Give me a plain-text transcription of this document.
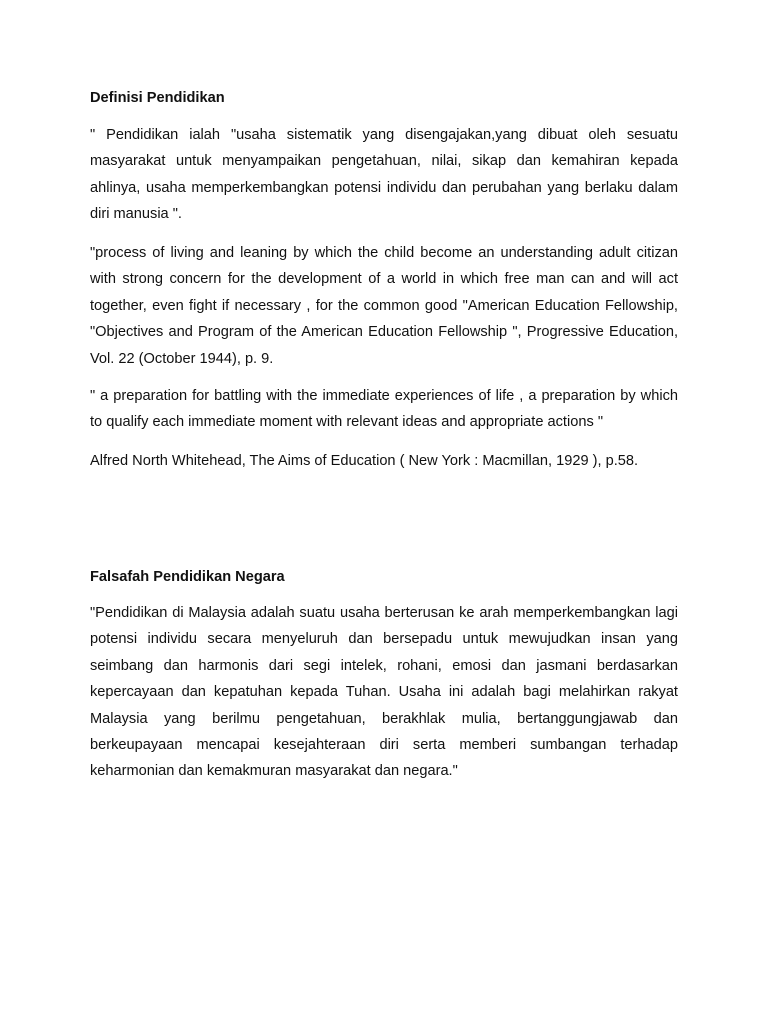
Definisi Pendidikan

" Pendidikan ialah "usaha sistematik yang disengajakan,yang dibuat oleh sesuatu masyarakat untuk menyampaikan pengetahuan, nilai, sikap dan kemahiran kepada ahlinya, usaha memperkembangkan potensi individu dan perubahan yang berlaku dalam diri manusia ".

"process of living and leaning by which the child become an understanding adult citizan with strong concern for the development of a world in which free man can and will act together, even fight if necessary , for the common good "American Education Fellowship, "Objectives and Program of the American Education Fellowship ", Progressive Education, Vol. 22 (October 1944), p. 9.

" a preparation for battling with the immediate experiences of life , a preparation by which to qualify each immediate moment with relevant ideas and appropriate actions "

Alfred North Whitehead, The Aims of Education ( New York : Macmillan, 1929 ), p.58.

Falsafah Pendidikan Negara

"Pendidikan di Malaysia adalah suatu usaha berterusan ke arah memperkembangkan lagi potensi individu secara menyeluruh dan bersepadu untuk mewujudkan insan yang seimbang dan harmonis dari segi intelek, rohani, emosi dan jasmani berdasarkan kepercayaan dan kepatuhan kepada Tuhan. Usaha ini adalah bagi melahirkan rakyat Malaysia yang berilmu pengetahuan, berakhlak mulia, bertanggungjawab dan berkeupayaan mencapai kesejahteraan diri serta memberi sumbangan terhadap keharmonian dan kemakmuran masyarakat dan negara."
